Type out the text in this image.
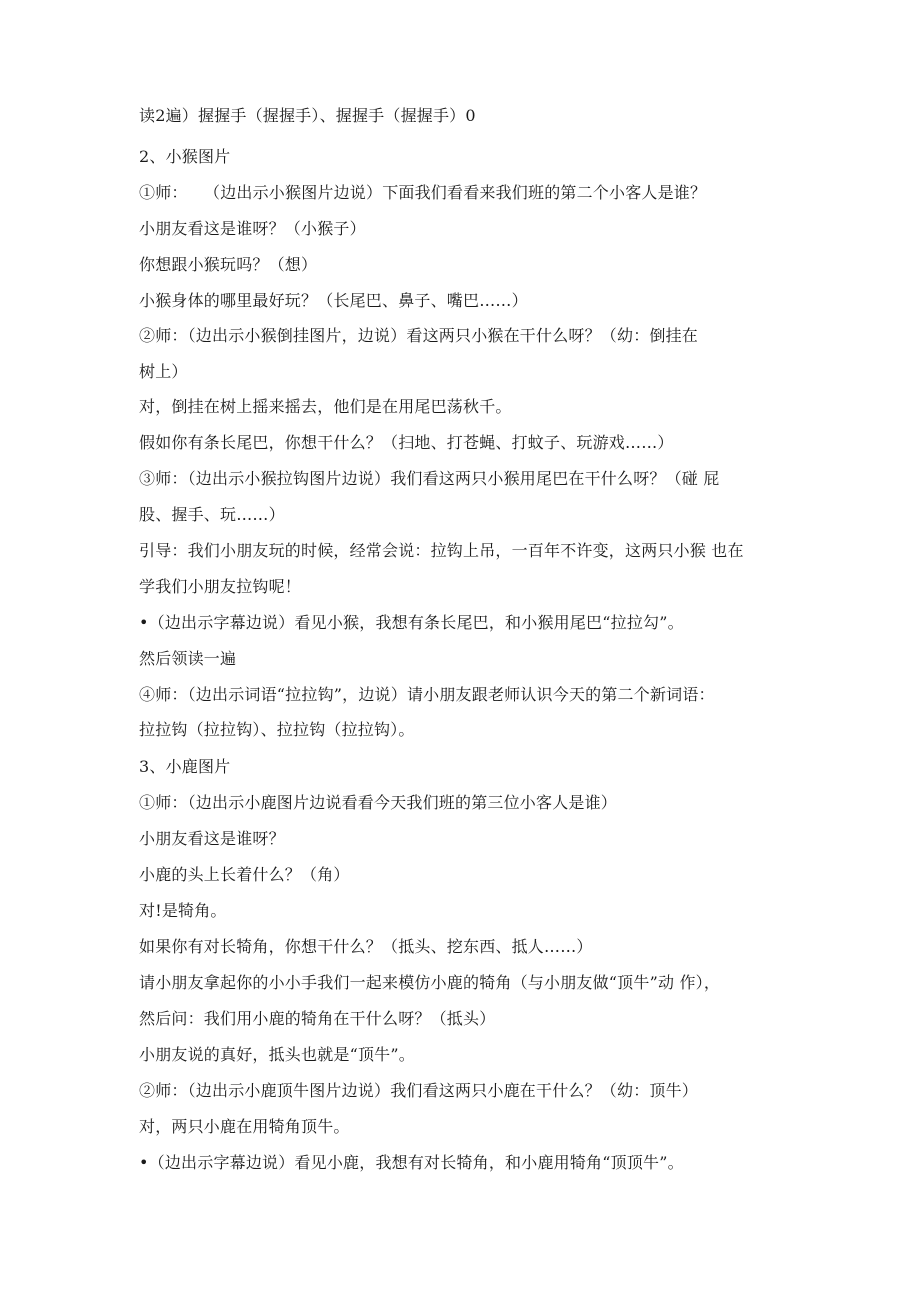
读2遍）握握手（握握手）、握握手（握握手）0
2、小猴图片
①师：　　（边出示小猴图片边说）下面我们看看来我们班的第二个小客人是谁？
小朋友看这是谁呀？（小猴子）
你想跟小猴玩吗？（想）
小猴身体的哪里最好玩？（长尾巴、鼻子、嘴巴……）
②师：（边出示小猴倒挂图片，边说）看这两只小猴在干什么呀？（幼：倒挂在
树上）
对，倒挂在树上摇来摇去，他们是在用尾巴荡秋千。
假如你有条长尾巴，你想干什么？（扫地、打苍蝇、打蚊子、玩游戏……）
③师：（边出示小猴拉钩图片边说）我们看这两只小猴用尾巴在干什么呀？（碰 屁
股、握手、玩……）
引导：我们小朋友玩的时候，经常会说：拉钩上吊，一百年不许变，这两只小猴 也在
学我们小朋友拉钩呢！
•（边出示字幕边说）看见小猴，我想有条长尾巴，和小猴用尾巴“拉拉勾”。
然后领读一遍
④师：（边出示词语“拉拉钩”，边说）请小朋友跟老师认识今天的第二个新词语：
拉拉钩（拉拉钩）、拉拉钩（拉拉钩）。
3、小鹿图片
①师：（边出示小鹿图片边说看看今天我们班的第三位小客人是谁）
小朋友看这是谁呀？
小鹿的头上长着什么？（角）
对!是犄角。
如果你有对长犄角，你想干什么？（抵头、挖东西、抵人……）
请小朋友拿起你的小小手我们一起来模仿小鹿的犄角（与小朋友做“顶牛”动 作），
然后问：我们用小鹿的犄角在干什么呀？（抵头）
小朋友说的真好，抵头也就是“顶牛”。
②师：（边出示小鹿顶牛图片边说）我们看这两只小鹿在干什么？（幼：顶牛）
对，两只小鹿在用犄角顶牛。
•（边出示字幕边说）看见小鹿，我想有对长犄角，和小鹿用犄角“顶顶牛”。
